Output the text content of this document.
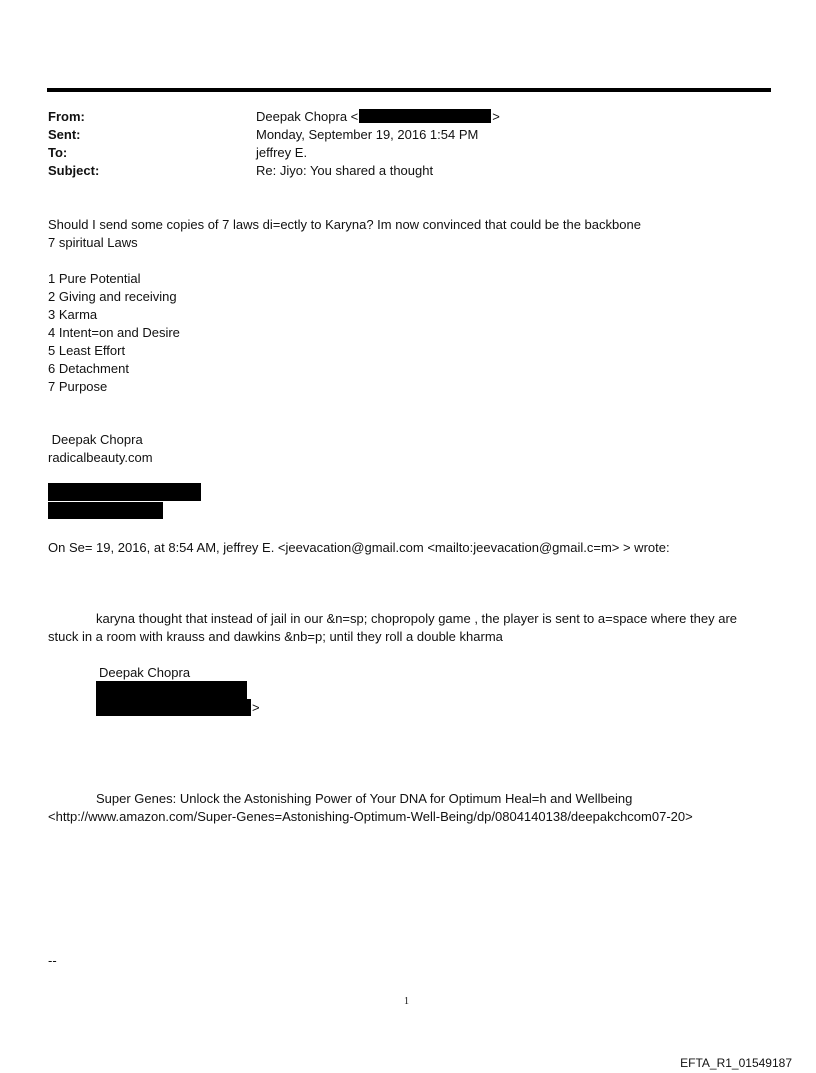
From:	Deepak Chopra <	>
Sent:	Monday, September 19, 2016 1:54 PM
To:	jeffrey E.
Subject:	Re: Jiyo: You shared a thought
Should I send some copies of 7 laws di=ectly to Karyna? Im now convinced that could be the backbone
7 spiritual Laws
1 Pure Potential
2 Giving and receiving
3 Karma
4 Intent=on and Desire
5 Least Effort
6 Detachment
7 Purpose
Deepak Chopra
radicalbeauty.com
On Se= 19, 2016, at 8:54 AM, jeffrey E. <jeevacation@gmail.com <mailto:jeevacation@gmail.c=m> > wrote:
karyna thought that instead of jail in our &n=sp; chopropoly game , the player is sent to a=space where they are stuck in a room with krauss and dawkins &nb=p; until they roll a double kharma
Deepak Chopra
>
Super Genes: Unlock the Astonishing Power of Your DNA for Optimum Heal=h and Wellbeing
<http://www.amazon.com/Super-Genes=Astonishing-Optimum-Well-Being/dp/0804140138/deepakchcom07-20>
--
1
EFTA_R1_01549187
